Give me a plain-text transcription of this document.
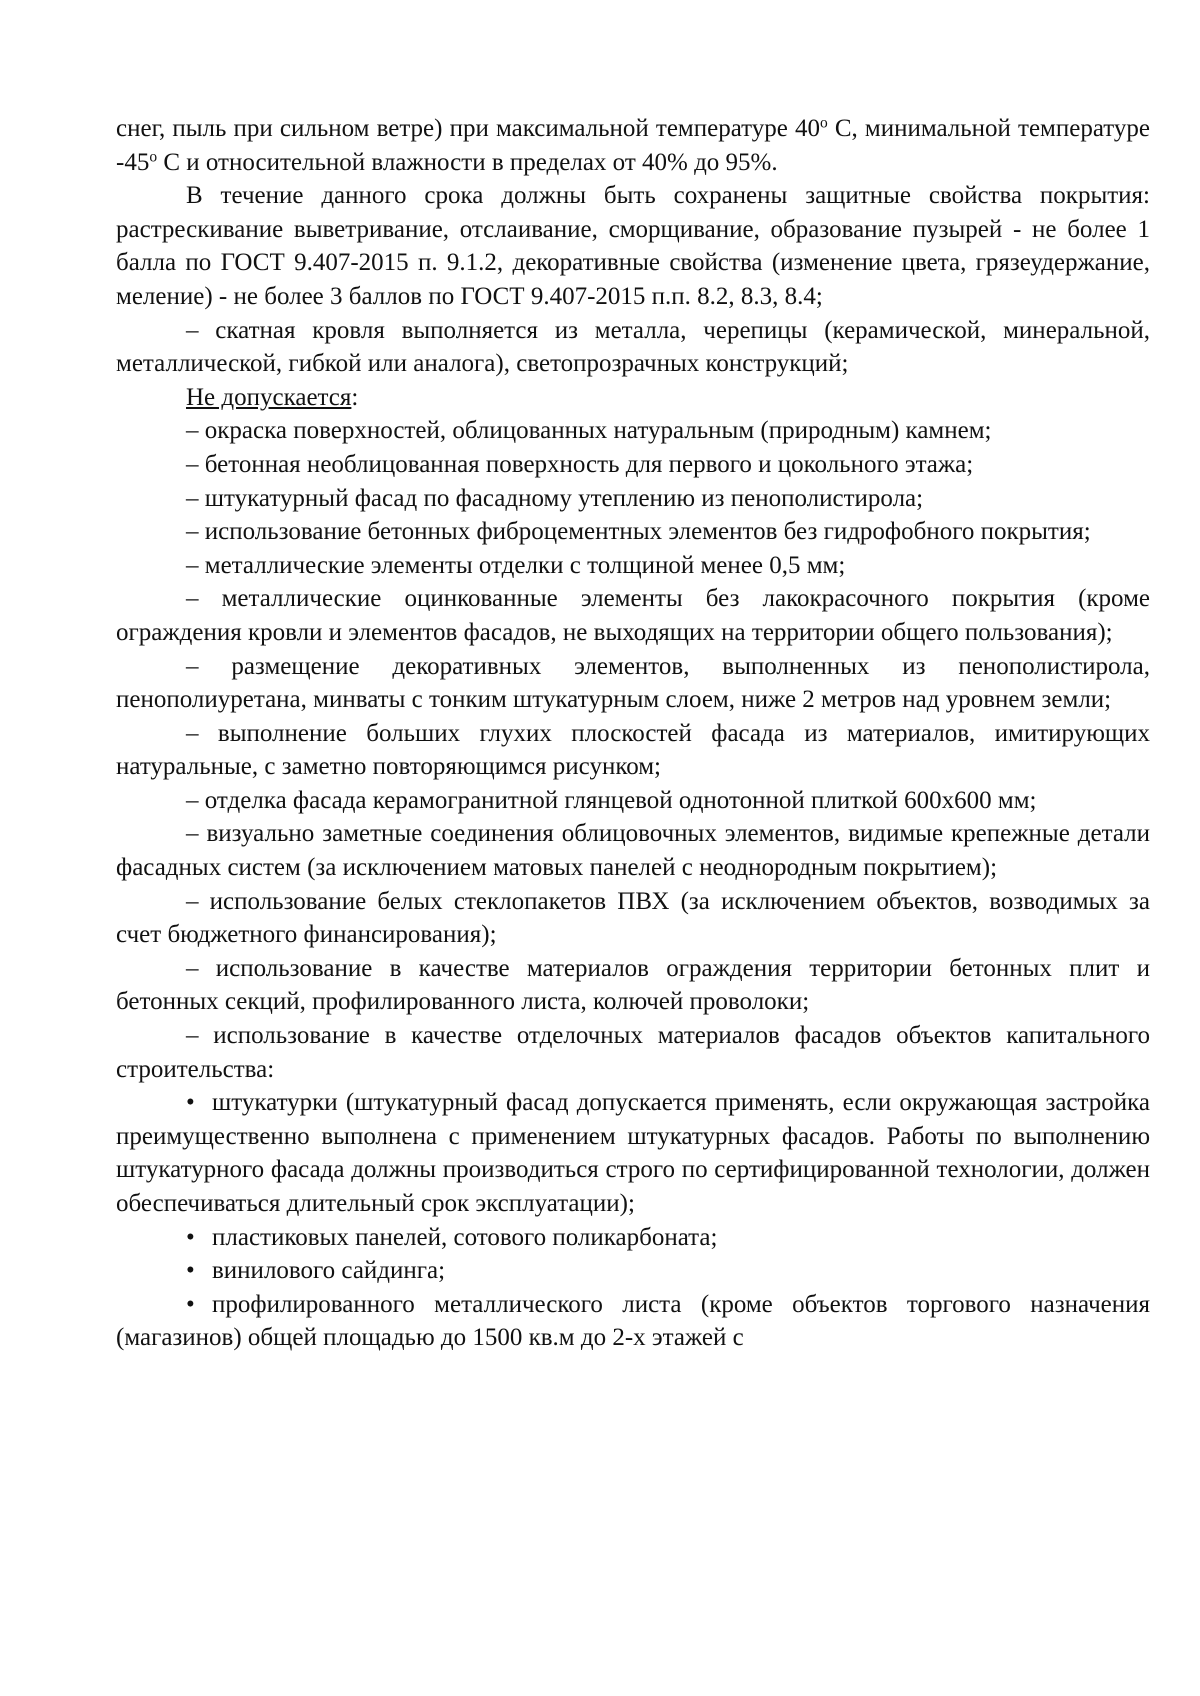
снег, пыль при сильном ветре) при максимальной температуре 40$^o$ С, минимальной температуре -45$^o$ С и относительной влажности в пределах от 40% до 95%.

В течение данного срока должны быть сохранены защитные свойства покрытия: растрескивание выветривание, отслаивание, сморщивание, образование пузырей - не более 1 балла по ГОСТ 9.407-2015 п. 9.1.2, декоративные свойства (изменение цвета, грязеудержание, меление) - не более 3 баллов по ГОСТ 9.407-2015 п.п. 8.2, 8.3, 8.4;

– скатная кровля выполняется из металла, черепицы (керамической, минеральной, металлической, гибкой или аналога), светопрозрачных конструкций;

Не допускается:

– окраска поверхностей, облицованных натуральным (природным) камнем;

– бетонная необлицованная поверхность для первого и цокольного этажа;

– штукатурный фасад по фасадному утеплению из пенополистирола;

– использование бетонных фиброцементных элементов без гидрофобного покрытия;

– металлические элементы отделки с толщиной менее 0,5 мм;

– металлические оцинкованные элементы без лакокрасочного покрытия (кроме ограждения кровли и элементов фасадов, не выходящих на территории общего пользования);

– размещение декоративных элементов, выполненных из пенополистирола, пенополиуретана, минваты с тонким штукатурным слоем, ниже 2 метров над уровнем земли;

– выполнение больших глухих плоскостей фасада из материалов, имитирующих натуральные, с заметно повторяющимся рисунком;

– отделка фасада керамогранитной глянцевой однотонной плиткой 600х600 мм;

– визуально заметные соединения облицовочных элементов, видимые крепежные детали фасадных систем (за исключением матовых панелей с неоднородным покрытием);

– использование белых стеклопакетов ПВХ (за исключением объектов, возводимых за счет бюджетного финансирования);

– использование в качестве материалов ограждения территории бетонных плит и бетонных секций, профилированного листа, колючей проволоки;

– использование в качестве отделочных материалов фасадов объектов капитального строительства:

• штукатурки (штукатурный фасад допускается применять, если окружающая застройка преимущественно выполнена с применением штукатурных фасадов. Работы по выполнению штукатурного фасада должны производиться строго по сертифицированной технологии, должен обеспечиваться длительный срок эксплуатации);

• пластиковых панелей, сотового поликарбоната;

• винилового сайдинга;

• профилированного металлического листа (кроме объектов торгового назначения (магазинов) общей площадью до 1500 кв.м до 2-х этажей с
